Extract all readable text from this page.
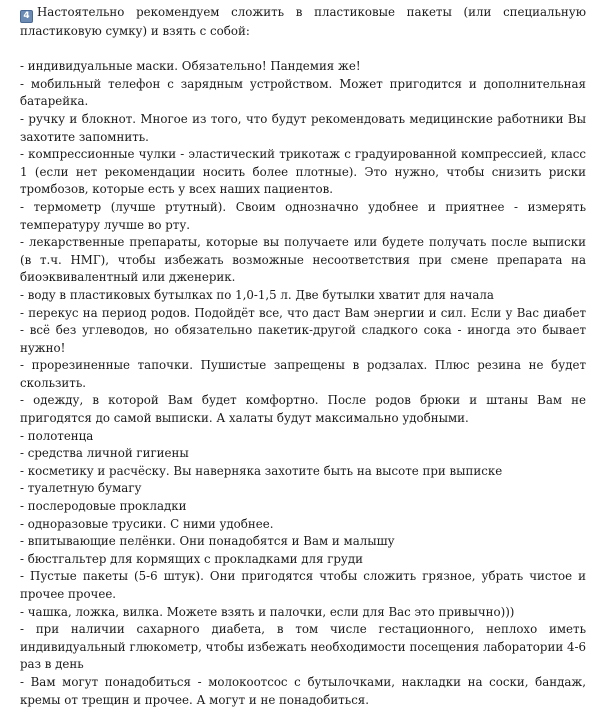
4 Настоятельно рекомендуем сложить в пластиковые пакеты (или специальную пластиковую сумку) и взять с собой:

- индивидуальные маски. Обязательно! Пандемия же!

- мобильный телефон с зарядным устройством. Может пригодится и дополнительная батарейка.

- ручку и блокнот. Многое из того, что будут рекомендовать медицинские работники Вы захотите запомнить.

- компрессионные чулки - эластический трикотаж с градуированной компрессией, класс 1 (если нет рекомендации носить более плотные). Это нужно, чтобы снизить риски тромбозов, которые есть у всех наших пациентов.

- термометр (лучше ртутный). Своим однозначно удобнее и приятнее - измерять температуру лучше во рту.

- лекарственные препараты, которые вы получаете или будете получать после выписки (в т.ч. НМГ), чтобы избежать возможные несоответствия при смене препарата на биоэквивалентный или дженерик.

- воду в пластиковых бутылках по 1,0-1,5 л. Две бутылки хватит для начала

- перекус на период родов. Подойдёт все, что даст Вам энергии и сил. Если у Вас диабет - всё без углеводов, но обязательно пакетик-другой сладкого сока - иногда это бывает нужно!

- прорезиненные тапочки. Пушистые запрещены в родзалах. Плюс резина не будет скользить.

- одежду, в которой Вам будет комфортно. После родов брюки и штаны Вам не пригодятся до самой выписки. А халаты будут максимально удобными.

- полотенца

- средства личной гигиены

- косметику и расчёску. Вы наверняка захотите быть на высоте при выписке

- туалетную бумагу

- послеродовые прокладки

- одноразовые трусики. С ними удобнее.

- впитывающие пелёнки. Они понадобятся и Вам и малышу

- бюстгальтер для кормящих с прокладками для груди

- Пустые пакеты (5-6 штук). Они пригодятся чтобы сложить грязное, убрать чистое и прочее прочее.

- чашка, ложка, вилка. Можете взять и палочки, если для Вас это привычно)))

- при наличии сахарного диабета, в том числе гестационного, неплохо иметь индивидуальный глюкометр, чтобы избежать необходимости посещения лаборатории 4-6 раз в день

- Вам могут понадобиться - молокоотсос с бутылочками, накладки на соски, бандаж, кремы от трещин и прочее. А могут и не понадобиться.
